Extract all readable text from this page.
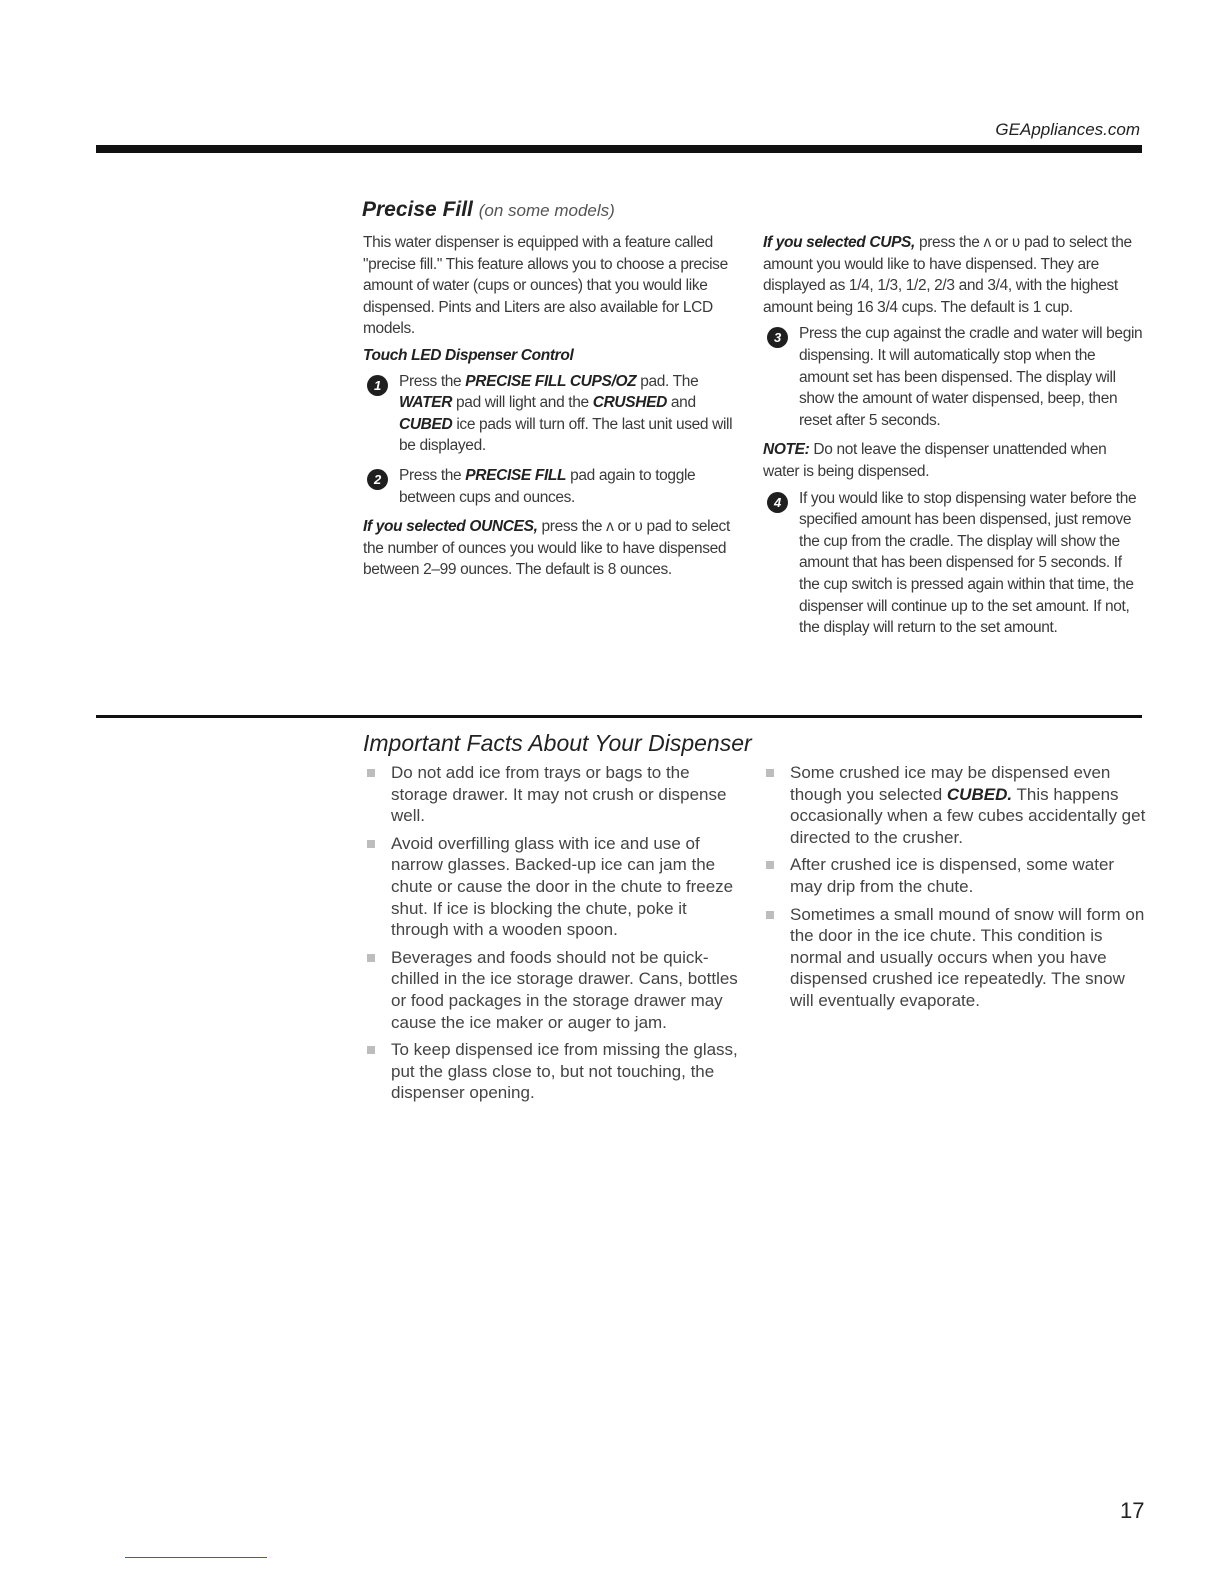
GEAppliances.com
Precise Fill (on some models)

This water dispenser is equipped with a feature called "precise fill." This feature allows you to choose a precise amount of water (cups or ounces) that you would like dispensed. Pints and Liters are also available for LCD models.

Touch LED Dispenser Control
1	Press the PRECISE FILL CUPS/OZ pad. The WATER pad will light and the CRUSHED and CUBED ice pads will turn off. The last unit used will be displayed.
2	Press the PRECISE FILL pad again to toggle between cups and ounces.

If you selected OUNCES, press the ʌ or ʋ pad to select the number of ounces you would like to have dispensed between 2–99 ounces. The default is 8 ounces.

If you selected CUPS, press the ʌ or ʋ pad to select the amount you would like to have dispensed. They are displayed as 1/4, 1/3, 1/2, 2/3 and 3/4, with the highest amount being 16 3/4 cups. The default is 1 cup.

3	Press the cup against the cradle and water will begin dispensing. It will automatically stop when the amount set has been dispensed. The display will show the amount of water dispensed, beep, then reset after 5 seconds.

NOTE: Do not leave the dispenser unattended when water is being dispensed.

4	If you would like to stop dispensing water before the specified amount has been dispensed, just remove the cup from the cradle. The display will show the amount that has been dispensed for 5 seconds. If the cup switch is pressed again within that time, the dispenser will continue up to the set amount. If not, the display will return to the set amount.
Important Facts About Your Dispenser
Do not add ice from trays or bags to the storage drawer. It may not crush or dispense well.
Avoid overfilling glass with ice and use of narrow glasses. Backed-up ice can jam the chute or cause the door in the chute to freeze shut. If ice is blocking the chute, poke it through with a wooden spoon.
Beverages and foods should not be quick-chilled in the ice storage drawer. Cans, bottles or food packages in the storage drawer may cause the ice maker or auger to jam.
To keep dispensed ice from missing the glass, put the glass close to, but not touching, the dispenser opening.
Some crushed ice may be dispensed even though you selected CUBED. This happens occasionally when a few cubes accidentally get directed to the crusher.
After crushed ice is dispensed, some water may drip from the chute.
Sometimes a small mound of snow will form on the door in the ice chute. This condition is normal and usually occurs when you have dispensed crushed ice repeatedly. The snow will eventually evaporate.
17
